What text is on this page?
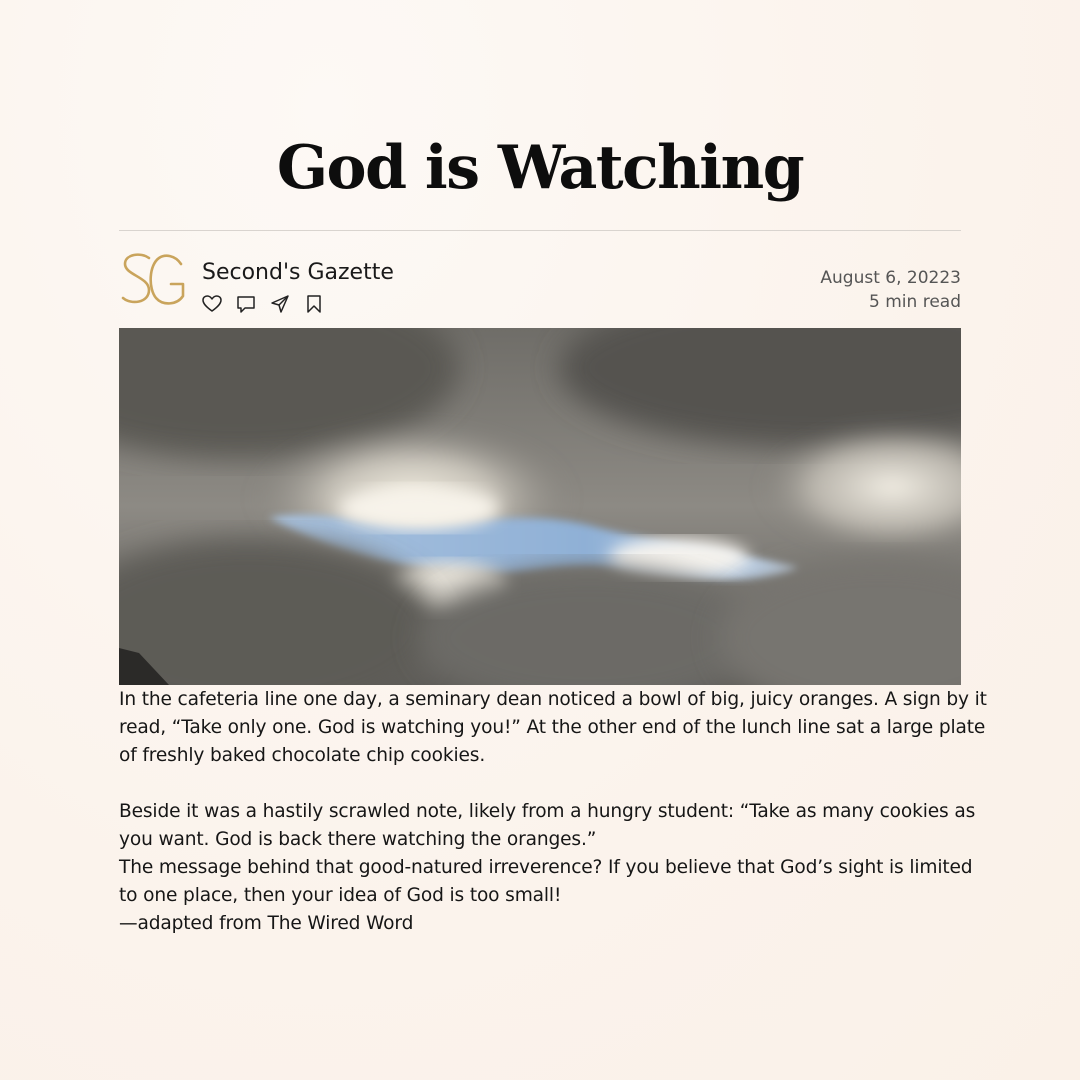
God is Watching
Second's Gazette	August 6, 20223
5 min read

In the cafeteria line one day, a seminary dean noticed a bowl of big, juicy oranges. A sign by it read, “Take only one. God is watching you!” At the other end of the lunch line sat a large plate of freshly baked chocolate chip cookies.

Beside it was a hastily scrawled note, likely from a hungry student: “Take as many cookies as you want. God is back there watching the oranges.”

The message behind that good-natured irreverence? If you believe that God’s sight is limited to one place, then your idea of God is too small!

—adapted from The Wired Word
